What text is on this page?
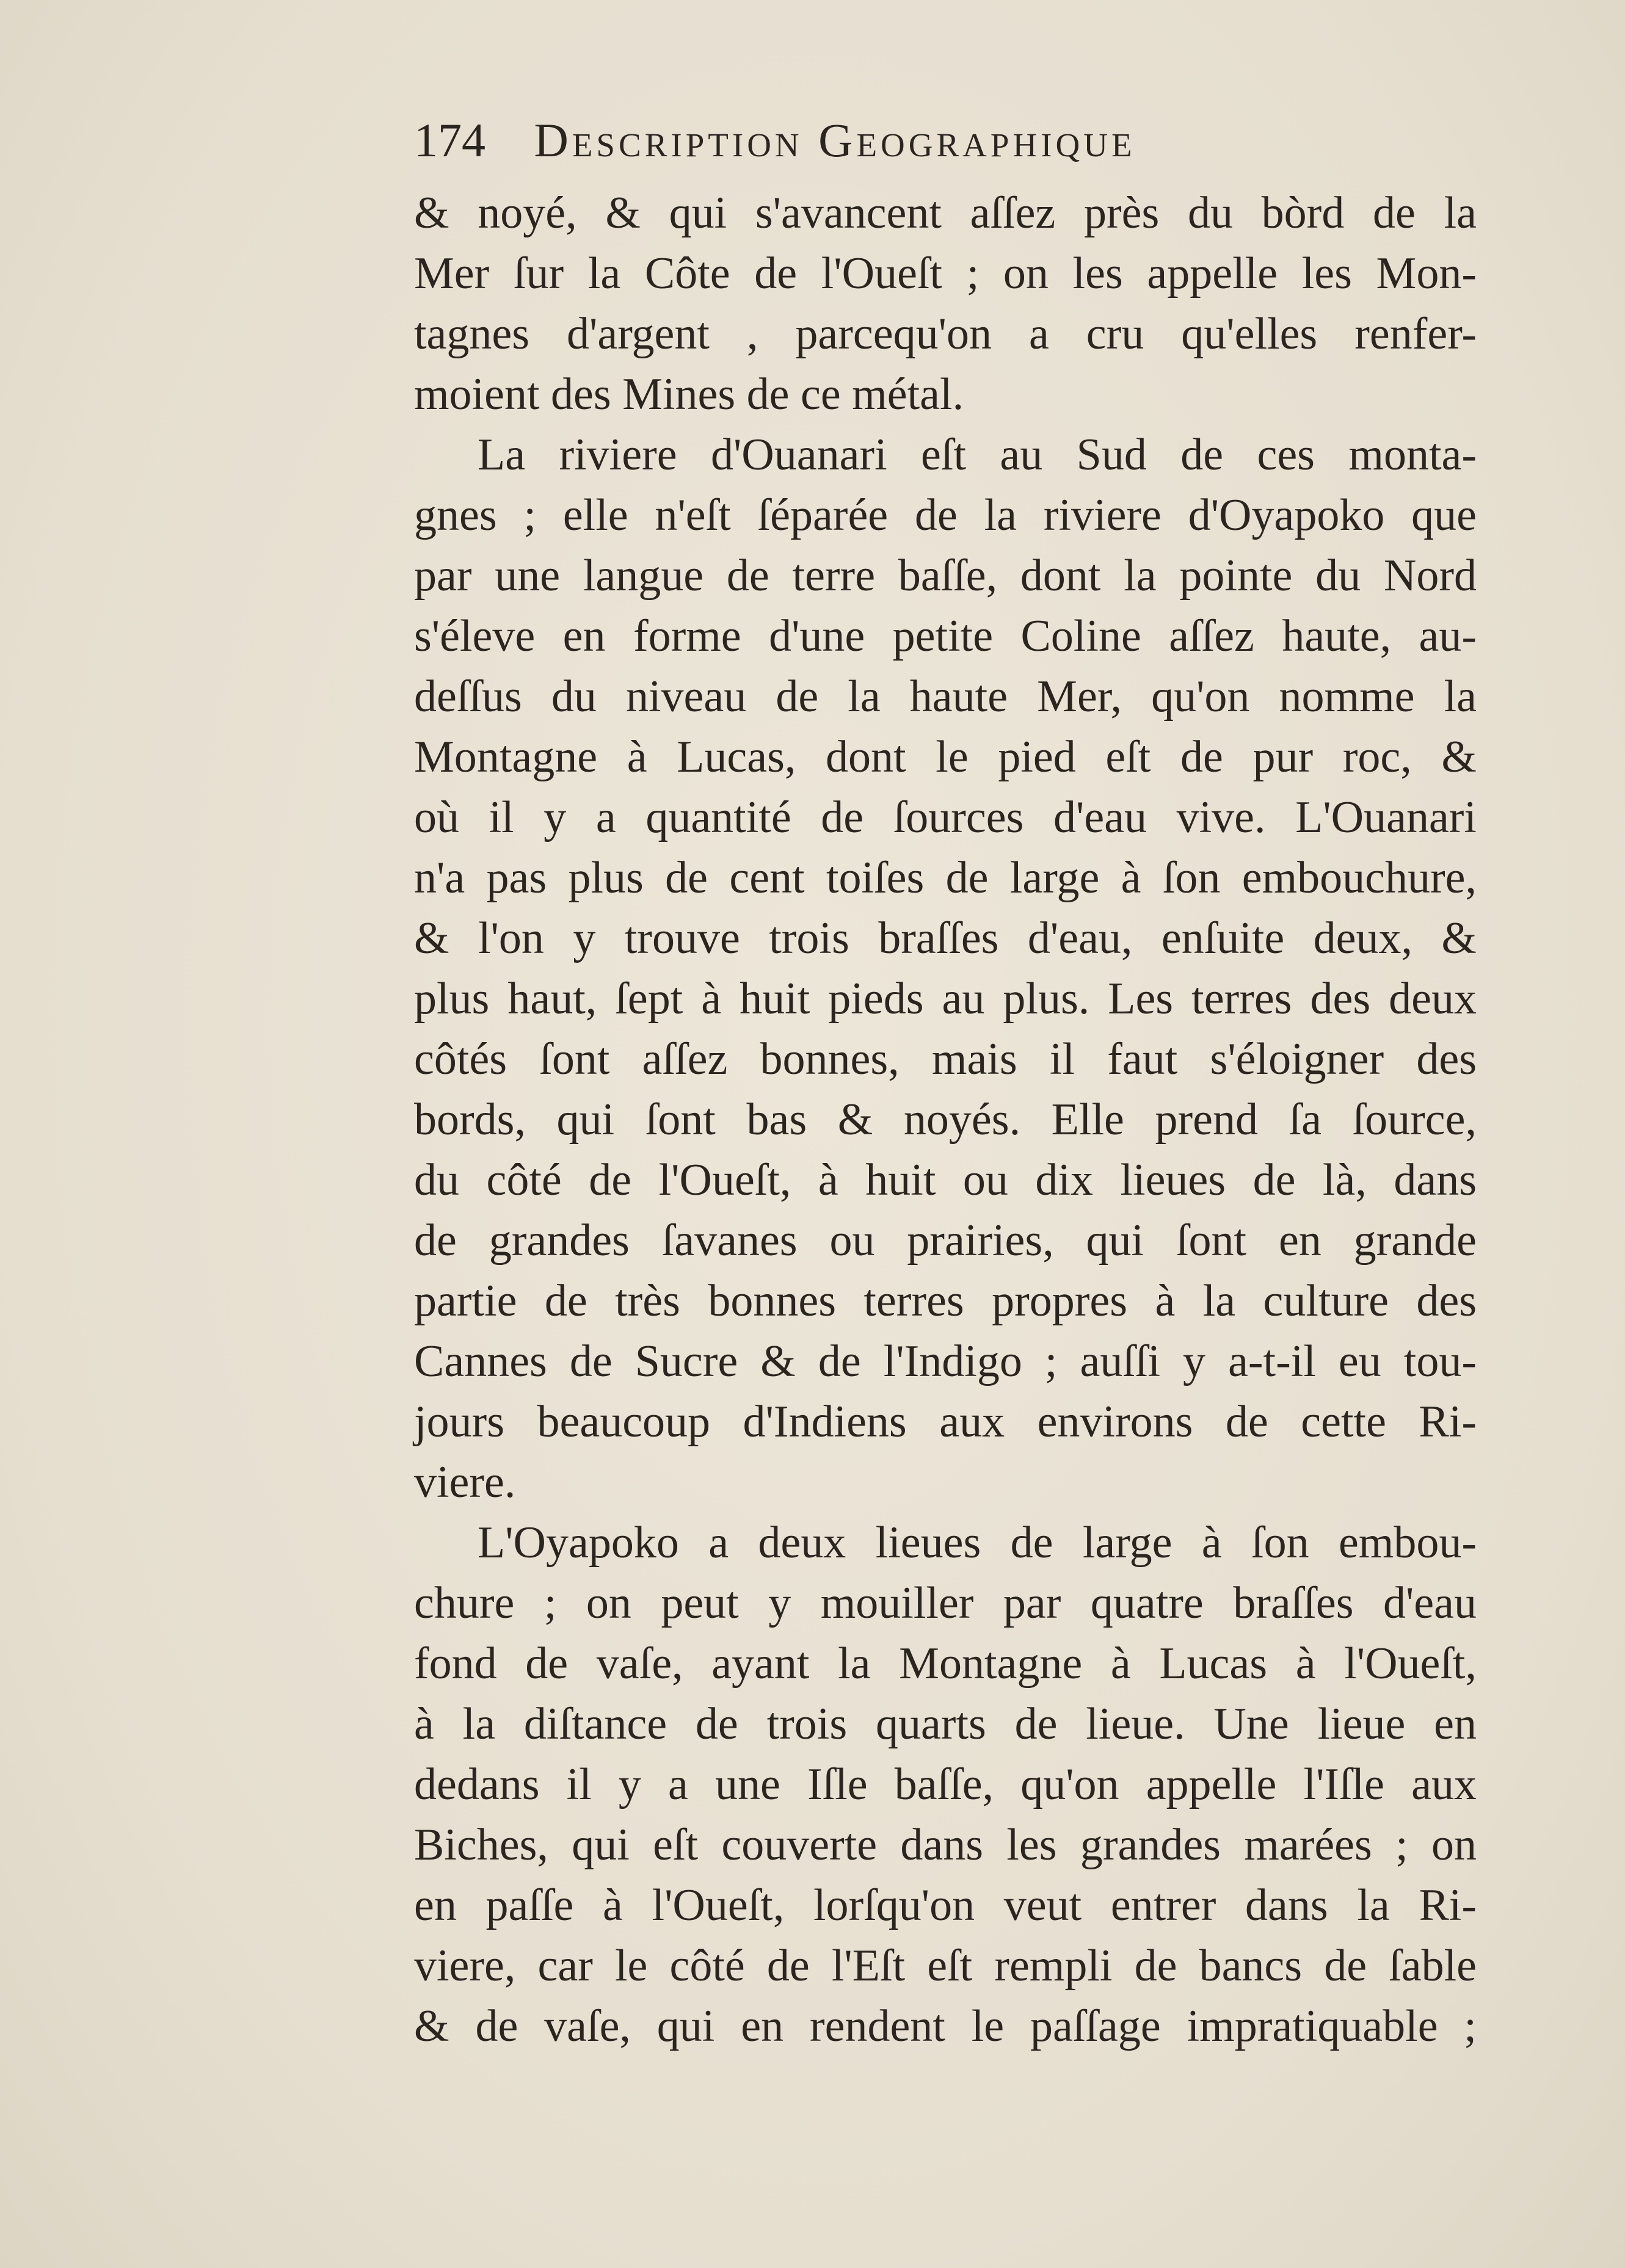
174 Description Geographique
& noyé, & qui s'avancent aſſez près du bòrd de la
Mer ſur la Côte de l'Oueſt ; on les appelle les Mon-
tagnes d'argent , parcequ'on a cru qu'elles renfer-
moient des Mines de ce métal.
La riviere d'Ouanari eſt au Sud de ces monta-
gnes ; elle n'eſt ſéparée de la riviere d'Oyapoko que
par une langue de terre baſſe, dont la pointe du Nord
s'éleve en forme d'une petite Coline aſſez haute, au-
deſſus du niveau de la haute Mer, qu'on nomme la
Montagne à Lucas, dont le pied eſt de pur roc, &
où il y a quantité de ſources d'eau vive. L'Ouanari
n'a pas plus de cent toiſes de large à ſon embouchure,
& l'on y trouve trois braſſes d'eau, enſuite deux, &
plus haut, ſept à huit pieds au plus. Les terres des deux
côtés ſont aſſez bonnes, mais il faut s'éloigner des
bords, qui ſont bas & noyés. Elle prend ſa ſource,
du côté de l'Oueſt, à huit ou dix lieues de là, dans
de grandes ſavanes ou prairies, qui ſont en grande
partie de très bonnes terres propres à la culture des
Cannes de Sucre & de l'Indigo ; auſſi y a-t-il eu tou-
jours beaucoup d'Indiens aux environs de cette Ri-
viere.
L'Oyapoko a deux lieues de large à ſon embou-
chure ; on peut y mouiller par quatre braſſes d'eau
fond de vaſe, ayant la Montagne à Lucas à l'Oueſt,
à la diſtance de trois quarts de lieue. Une lieue en
dedans il y a une Iſle baſſe, qu'on appelle l'Iſle aux
Biches, qui eſt couverte dans les grandes marées ; on
en paſſe à l'Oueſt, lorſqu'on veut entrer dans la Ri-
viere, car le côté de l'Eſt eſt rempli de bancs de ſable
& de vaſe, qui en rendent le paſſage impratiquable ;
